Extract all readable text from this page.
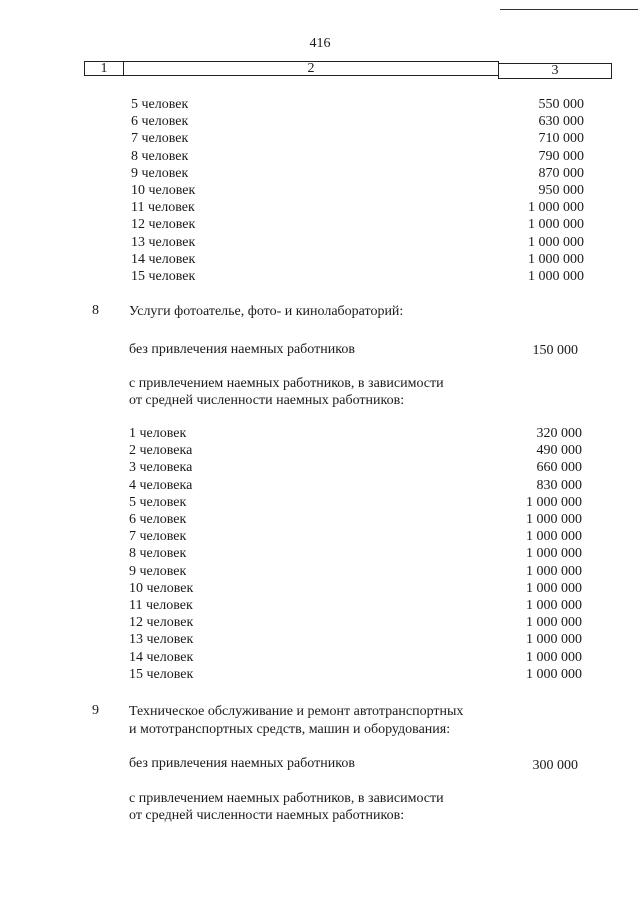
416
1	2	3
5 человек	550 000
6 человек	630 000
7 человек	710 000
8 человек	790 000
9 человек	870 000
10 человек	950 000
11 человек	1 000 000
12 человек	1 000 000
13 человек	1 000 000
14 человек	1 000 000
15 человек	1 000 000
8 Услуги фотоателье, фото- и кинолабораторий:
без привлечения наемных работников	150 000
с привлечением наемных работников, в зависимости
от средней численности наемных работников:
1 человек	320 000
2 человека	490 000
3 человека	660 000
4 человека	830 000
5 человек	1 000 000
6 человек	1 000 000
7 человек	1 000 000
8 человек	1 000 000
9 человек	1 000 000
10 человек	1 000 000
11 человек	1 000 000
12 человек	1 000 000
13 человек	1 000 000
14 человек	1 000 000
15 человек	1 000 000
9 Техническое обслуживание и ремонт автотранспортных
и мототранспортных средств, машин и оборудования:
без привлечения наемных работников	300 000
с привлечением наемных работников, в зависимости
от средней численности наемных работников:
